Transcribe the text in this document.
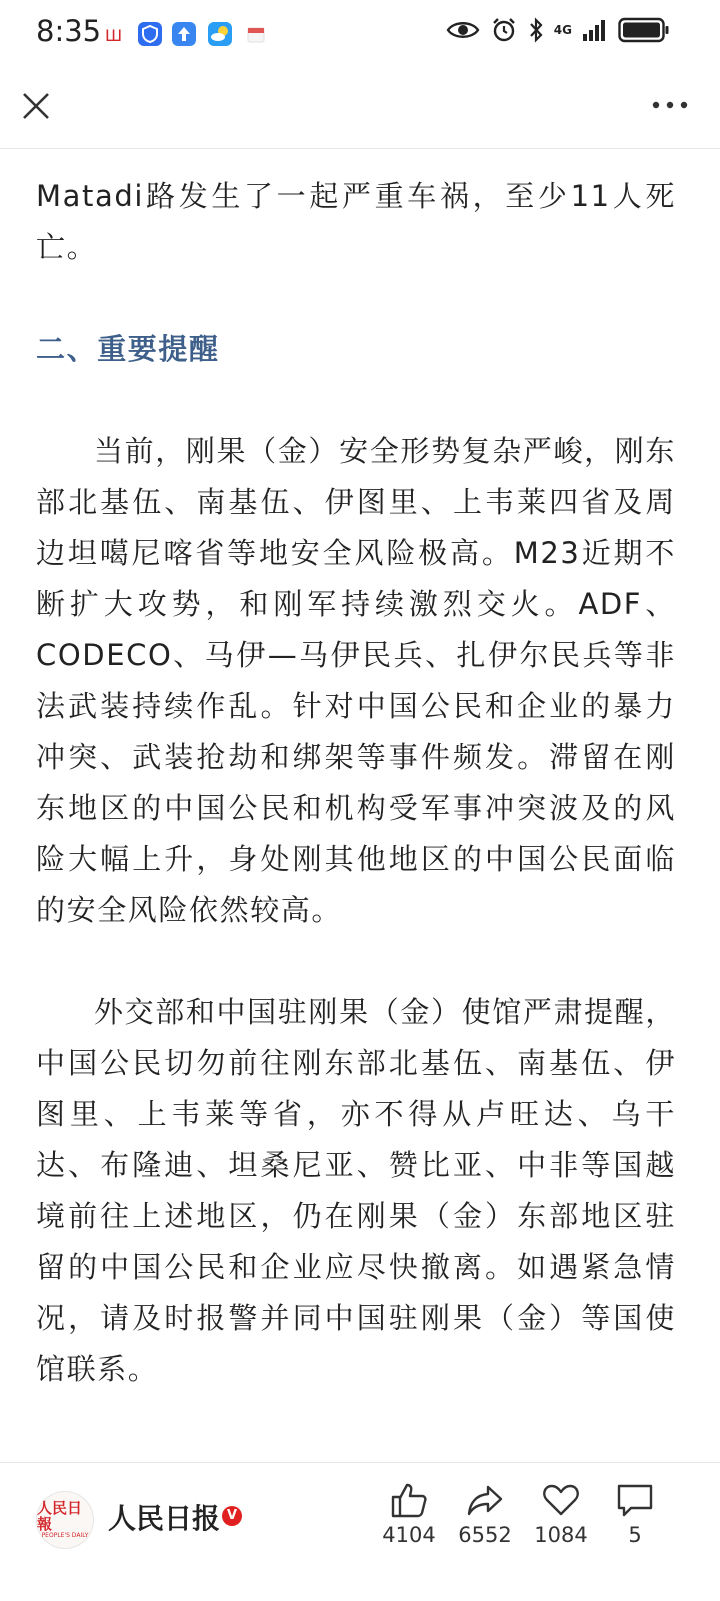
Matadi路发生了一起严重车祸，至少11人死亡。

二、重要提醒

当前，刚果（金）安全形势复杂严峻，刚东部北基伍、南基伍、伊图里、上韦莱四省及周边坦噶尼喀省等地安全风险极高。M23近期不断扩大攻势，和刚军持续激烈交火。ADF、CODECO、马伊—马伊民兵、扎伊尔民兵等非法武装持续作乱。针对中国公民和企业的暴力冲突、武装抢劫和绑架等事件频发。滞留在刚东地区的中国公民和机构受军事冲突波及的风险大幅上升，身处刚其他地区的中国公民面临的安全风险依然较高。

外交部和中国驻刚果（金）使馆严肃提醒，中国公民切勿前往刚东部北基伍、南基伍、伊图里、上韦莱等省，亦不得从卢旺达、乌干达、布隆迪、坦桑尼亚、赞比亚、中非等国越境前往上述地区，仍在刚果（金）东部地区驻留的中国公民和企业应尽快撤离。如遇紧急情况，请及时报警并同中国驻刚果（金）等国使馆联系。

8:35 Ш	4G
人民日報
PEOPLE'S DAILY
人民日报 V
4104	6552	1084	5
